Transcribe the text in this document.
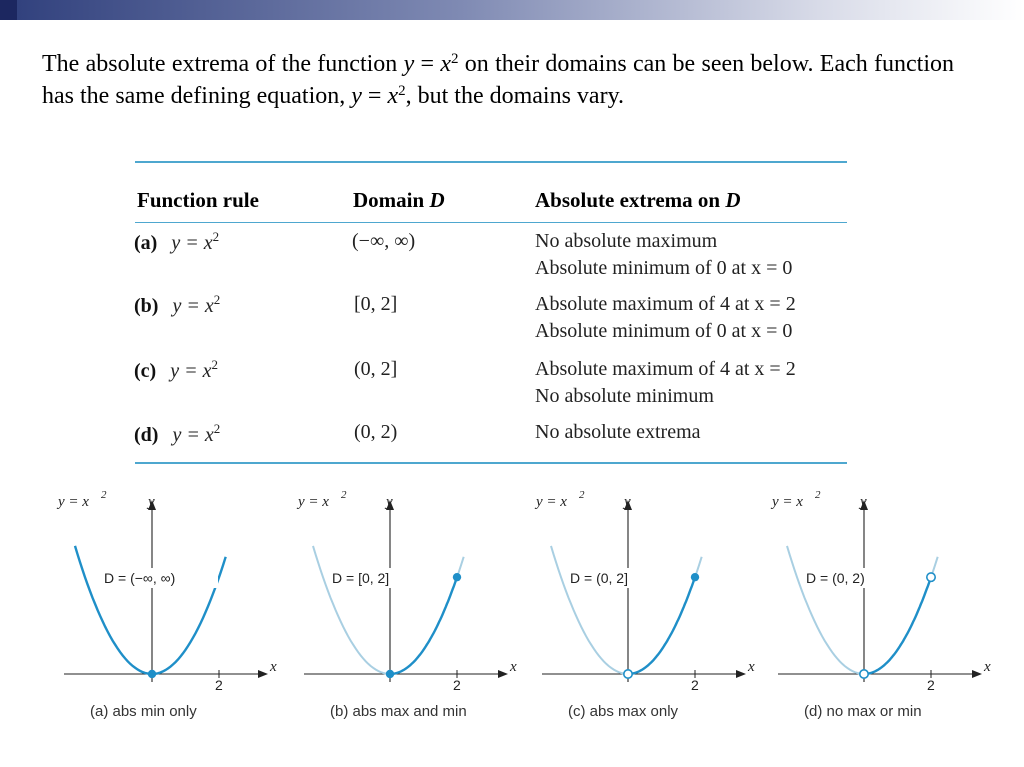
The absolute extrema of the function $y = x^2$ on their domains can be seen below. Each function has the same defining equation, $y = x^2$, but the domains vary.
Function rule	Domain D	Absolute extrema on D
(a) $y = x^2$	(−∞, ∞)	No absolute maximum
Absolute minimum of 0 at x = 0
(b) $y = x^2$	[0, 2]	Absolute maximum of 4 at x = 2
Absolute minimum of 0 at x = 0
(c) $y = x^2$	(0, 2]	Absolute maximum of 4 at x = 2
No absolute minimum
(d) $y = x^2$	(0, 2)	No absolute extrema
y = x 2	y
x
2
D = (−∞, ∞)
(a) abs min only
y = x 2	y
x
2
D = [0, 2]
(b) abs max and min
y = x 2	y
x
2
D = (0, 2]
(c) abs max only
y = x 2	y
x
2
D = (0, 2)
(d) no max or min
